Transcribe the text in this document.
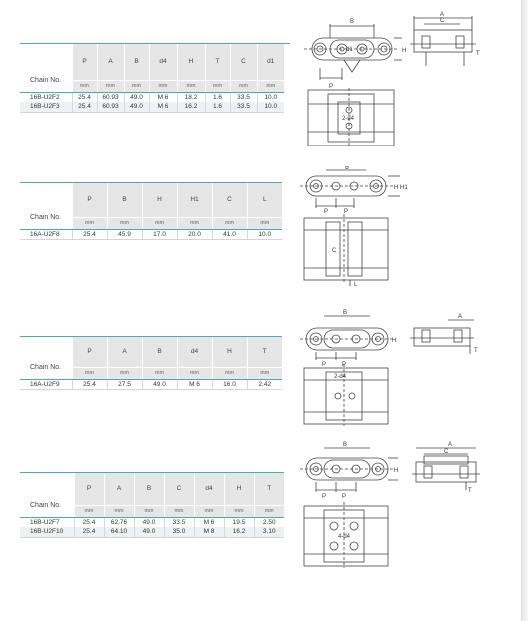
Chain No.	P	A	B	d4	H	T	C	d1
	mm	mm	mm	mm	mm	mm	mm	mm
16B-U2F2	25.4	60.93	49.0	M 6	18.2	1.6	33.5	10.0
16B-U2F3	25.4	60.93	49.0	M 6	16.2	1.6	33.5	10.0
Chain No.	P	B	H	H1	C	L
	mm	mm	mm	mm	mm	mm
16A-U2F8	25.4	45.9	17.0	20.0	41.0	10.0
Chain No.	P	A	B	d4	H	T
	mm	mm	mm	mm	mm	mm
16A-U2F9	25.4	27.5	49.0	M 6	16.0	2.42
Chain No.	P	A	B	C	d4	H	T
	mm	mm	mm	mm	mm	mm	mm
16B-U2F7	25.4	62.76	49.0	33.5	M 6	19.5	2.50
16B-U2F10	25.4	64.10	49.0	35.0	M 8	16.2	3.10
B
P
H
d1
2-d4
A
C
T
B
P	P
H H1
L
C
B
P	P
H
2-d4
A
T
B
P	P
H
4-d4
A
C
T
